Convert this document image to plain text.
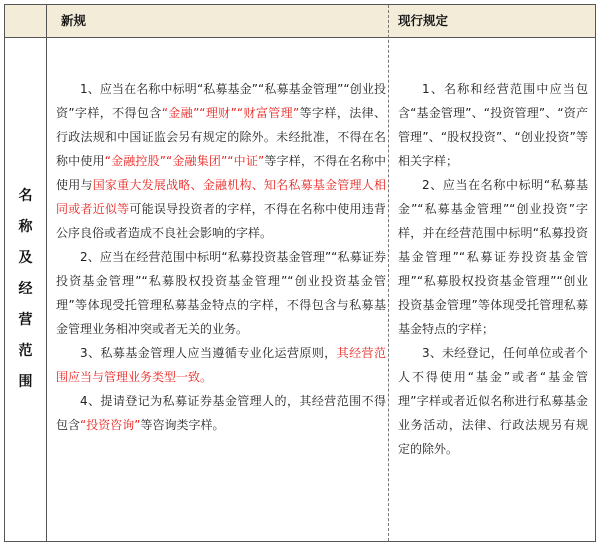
新规	现行规定
名
称
及
经
营
范
围

1、应当在名称中标明“私募基金”“私募基金管理”“创业投资”字样，不得包含“金融”“理财”“财富管理”等字样，法律、行政法规和中国证监会另有规定的除外。未经批准，不得在名称中使用“金融控股”“金融集团”“中证”等字样，不得在名称中使用与国家重大发展战略、金融机构、知名私募基金管理人相同或者近似等可能误导投资者的字样，不得在名称中使用违背公序良俗或者造成不良社会影响的字样。

2、应当在经营范围中标明“私募投资基金管理”“私募证券投资基金管理”“私募股权投资基金管理”“创业投资基金管理”等体现受托管理私募基金特点的字样，不得包含与私募基金管理业务相冲突或者无关的业务。

3、私募基金管理人应当遵循专业化运营原则，其经营范围应当与管理业务类型一致。

4、提请登记为私募证券基金管理人的，其经营范围不得包含“投资咨询”等咨询类字样。

1、名称和经营范围中应当包含“基金管理”、“投资管理”、“资产管理”、“股权投资”、“创业投资”等相关字样；

2、应当在名称中标明“私募基金”“私募基金管理”“创业投资”字样，并在经营范围中标明“私募投资基金管理”“私募证券投资基金管理”“私募股权投资基金管理”“创业投资基金管理”等体现受托管理私募基金特点的字样；

3、未经登记，任何单位或者个人不得使用“基金”或者“基金管理”字样或者近似名称进行私募基金业务活动，法律、行政法规另有规定的除外。
